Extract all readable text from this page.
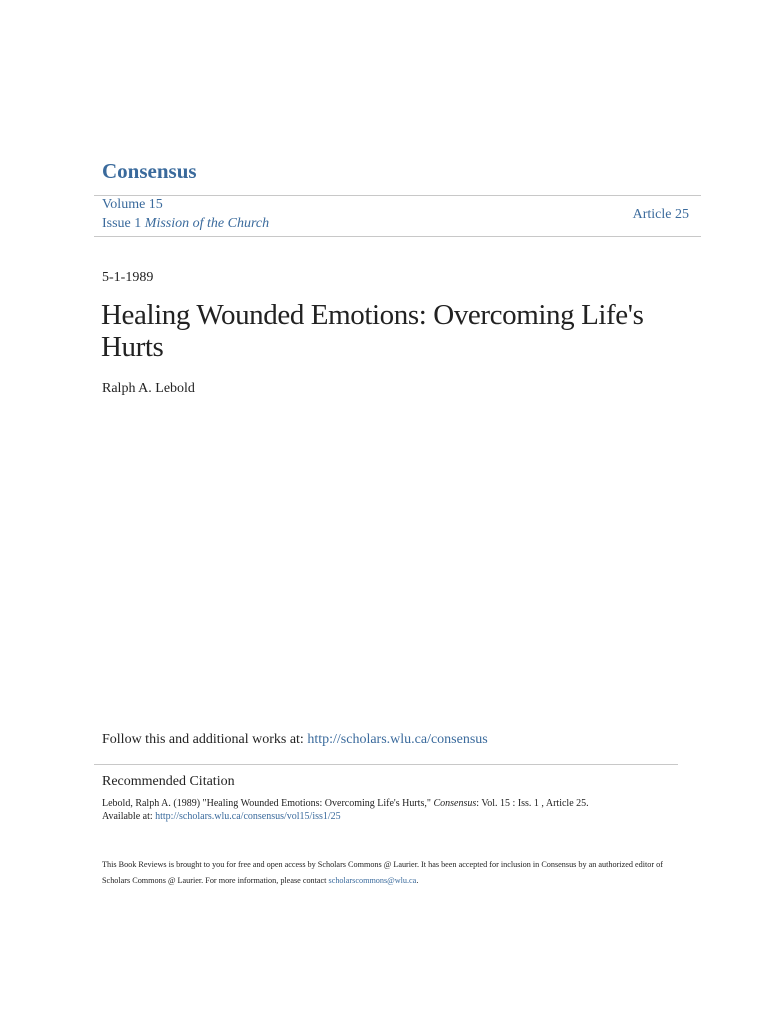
Consensus
Volume 15
Issue 1 Mission of the Church
Article 25
5-1-1989
Healing Wounded Emotions: Overcoming Life's Hurts
Ralph A. Lebold
Follow this and additional works at: http://scholars.wlu.ca/consensus
Recommended Citation
Lebold, Ralph A. (1989) "Healing Wounded Emotions: Overcoming Life's Hurts," Consensus: Vol. 15 : Iss. 1 , Article 25.
Available at: http://scholars.wlu.ca/consensus/vol15/iss1/25
This Book Reviews is brought to you for free and open access by Scholars Commons @ Laurier. It has been accepted for inclusion in Consensus by an authorized editor of Scholars Commons @ Laurier. For more information, please contact scholarscommons@wlu.ca.
